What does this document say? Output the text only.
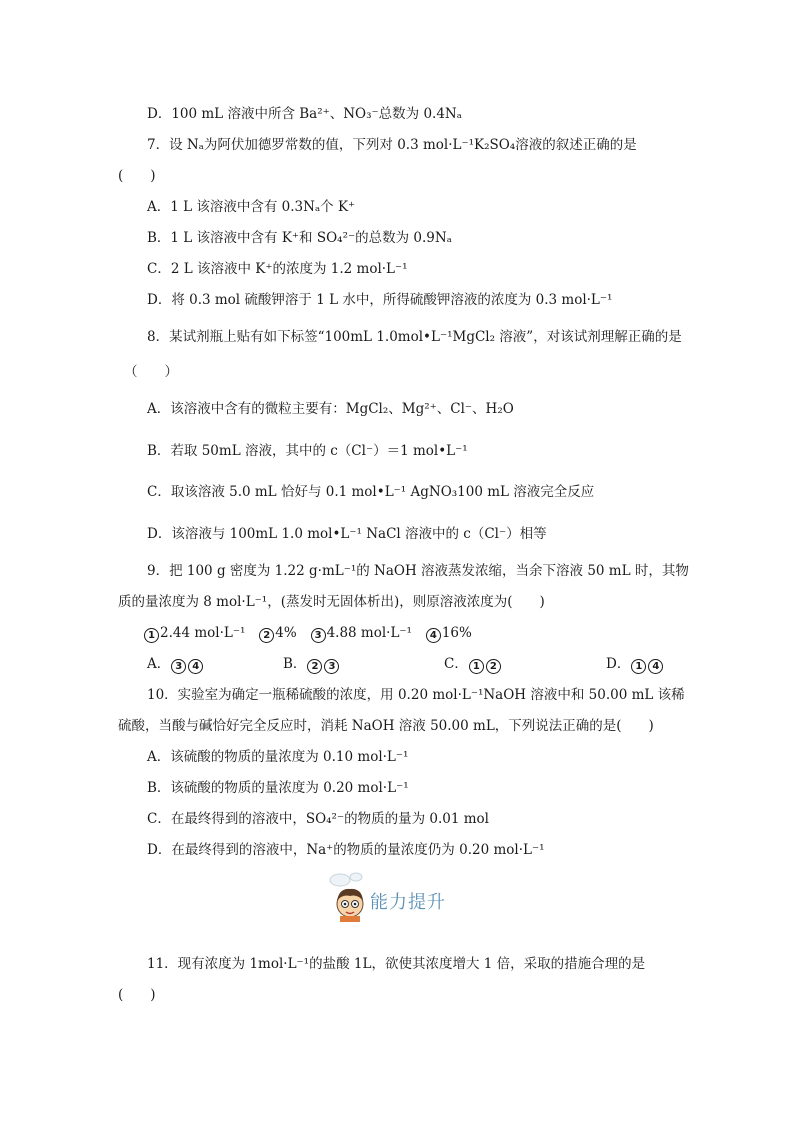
D．100 mL 溶液中所含 Ba²⁺、NO₃⁻总数为 0.4Nₐ
7．设 Nₐ为阿伏加德罗常数的值，下列对 0.3 mol·L⁻¹K₂SO₄溶液的叙述正确的是
(　　)
A．1 L 该溶液中含有 0.3Nₐ个 K⁺
B．1 L 该溶液中含有 K⁺和 SO₄²⁻的总数为 0.9Nₐ
C．2 L 该溶液中 K⁺的浓度为 1.2 mol·L⁻¹
D．将 0.3 mol 硫酸钾溶于 1 L 水中，所得硫酸钾溶液的浓度为 0.3 mol·L⁻¹
8．某试剂瓶上贴有如下标签“100mL 1.0mol•L⁻¹MgCl₂ 溶液”，对该试剂理解正确的是
（　　）
A．该溶液中含有的微粒主要有：MgCl₂、Mg²⁺、Cl⁻、H₂O
B．若取 50mL 溶液，其中的 c（Cl⁻）＝1 mol•L⁻¹
C．取该溶液 5.0 mL 恰好与 0.1 mol•L⁻¹ AgNO₃100 mL 溶液完全反应
D．该溶液与 100mL 1.0 mol•L⁻¹ NaCl 溶液中的 c（Cl⁻）相等
9．把 100 g 密度为 1.22 g·mL⁻¹的 NaOH 溶液蒸发浓缩，当余下溶液 50 mL 时，其物
质的量浓度为 8 mol·L⁻¹，(蒸发时无固体析出)，则原溶液浓度为(　　)
1 2.44 mol·L⁻¹ 2 4% 3 4.88 mol·L⁻¹ 4 16%
A． 3 4	B． 2 3	C． 1 2	D． 1 4
10．实验室为确定一瓶稀硫酸的浓度，用 0.20 mol·L⁻¹NaOH 溶液中和 50.00 mL 该稀
硫酸，当酸与碱恰好完全反应时，消耗 NaOH 溶液 50.00 mL，下列说法正确的是(　　)
A．该硫酸的物质的量浓度为 0.10 mol·L⁻¹
B．该硫酸的物质的量浓度为 0.20 mol·L⁻¹
C．在最终得到的溶液中，SO₄²⁻的物质的量为 0.01 mol
D．在最终得到的溶液中，Na⁺的物质的量浓度仍为 0.20 mol·L⁻¹
能力提升
11．现有浓度为 1mol·L⁻¹的盐酸 1L，欲使其浓度增大 1 倍，采取的措施合理的是
(　　)
